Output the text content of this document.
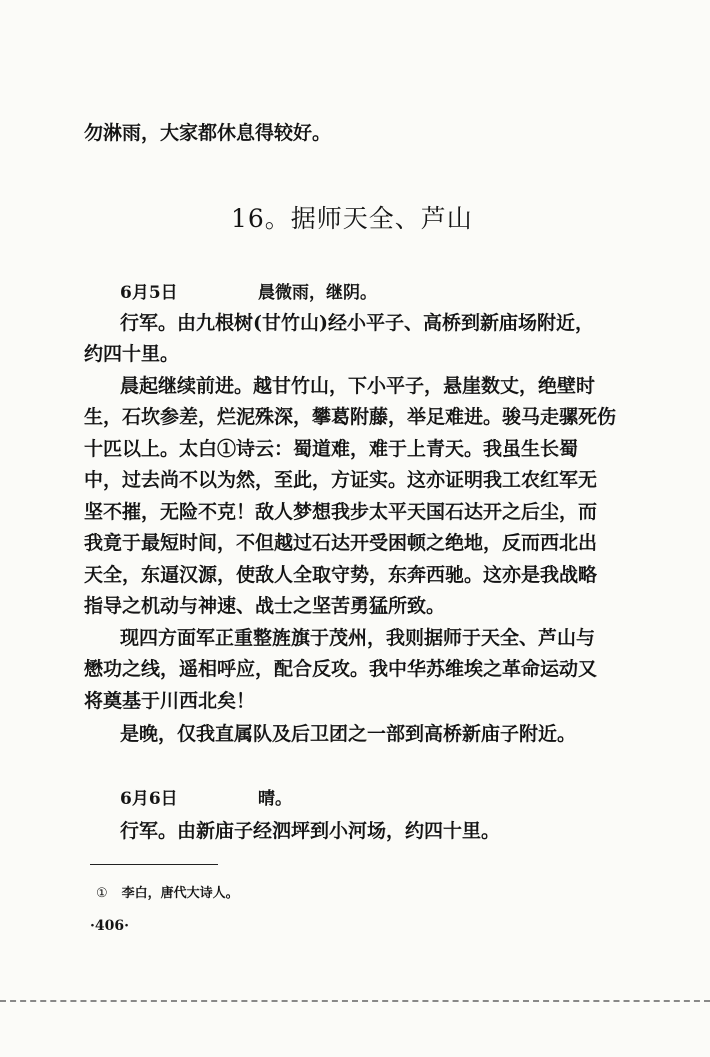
勿淋雨，大家都休息得较好。
16。据师天全、芦山
6月5日	晨微雨，继阴。
行军。由九根树(甘竹山)经小平子、高桥到新庙场附近，
约四十里。
晨起继续前进。越甘竹山，下小平子，悬崖数丈，绝壁时
生，石坎参差，烂泥殊深，攀葛附藤，举足难进。骏马走骡死伤
十匹以上。太白①诗云：蜀道难，难于上青天。我虽生长蜀
中，过去尚不以为然，至此，方证实。这亦证明我工农红军无
坚不摧，无险不克！敌人梦想我步太平天国石达开之后尘，而
我竟于最短时间，不但越过石达开受困顿之绝地，反而西北出
天全，东逼汉源，使敌人全取守势，东奔西驰。这亦是我战略
指导之机动与神速、战士之坚苦勇猛所致。
现四方面军正重整旌旗于茂州，我则据师于天全、芦山与
懋功之线，遥相呼应，配合反攻。我中华苏维埃之革命运动又
将奠基于川西北矣！
是晚，仅我直属队及后卫团之一部到高桥新庙子附近。
6月6日	晴。
行军。由新庙子经泗坪到小河场，约四十里。
① 李白，唐代大诗人。
·406·
